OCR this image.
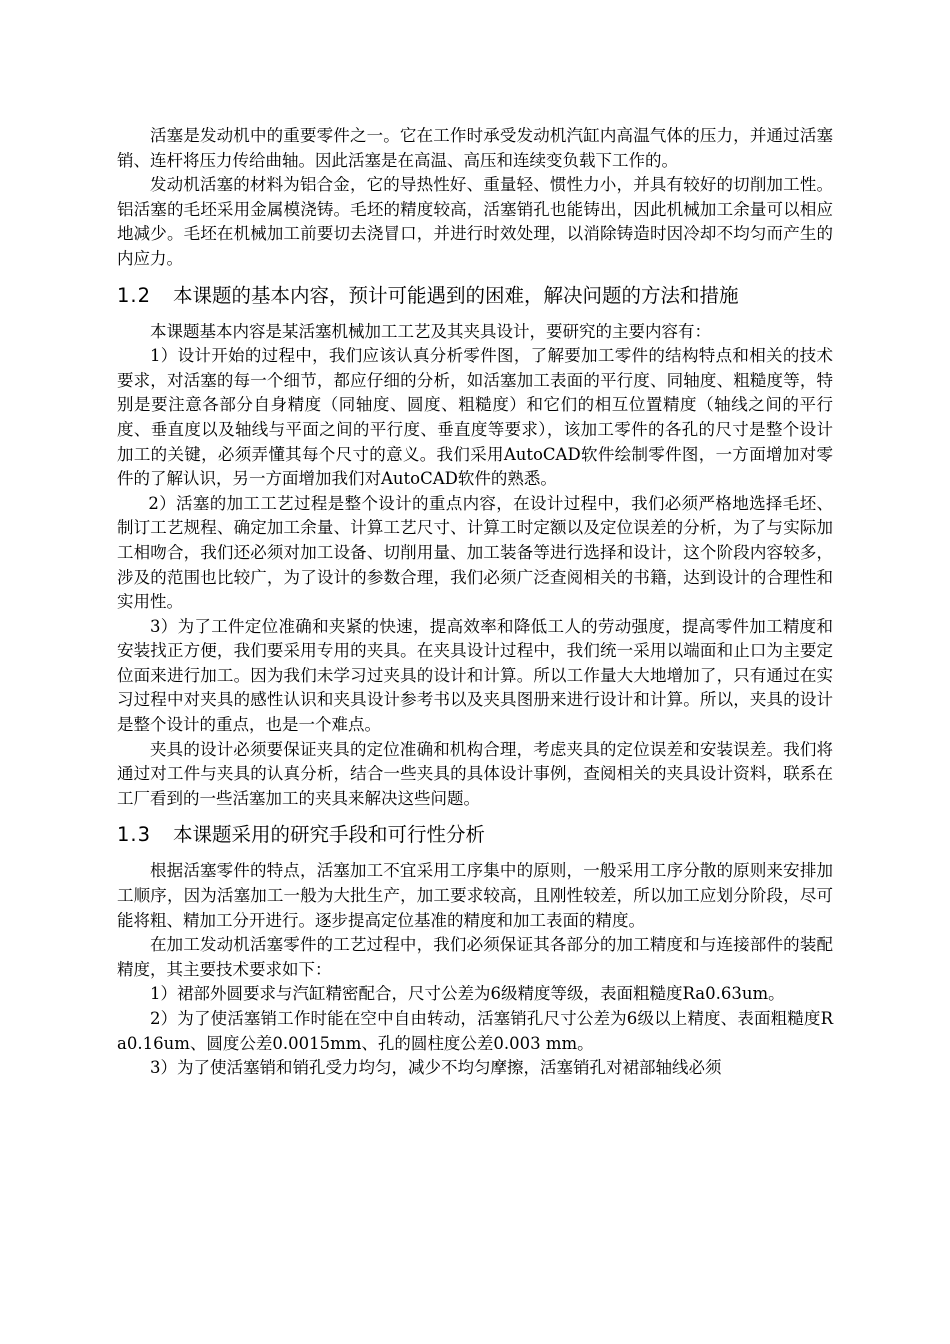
活塞是发动机中的重要零件之一。它在工作时承受发动机汽缸内高温气体的压力，并通过活塞销、连杆将压力传给曲轴。因此活塞是在高温、高压和连续变负载下工作的。

发动机活塞的材料为铝合金，它的导热性好、重量轻、惯性力小，并具有较好的切削加工性。铝活塞的毛坯采用金属模浇铸。毛坯的精度较高，活塞销孔也能铸出，因此机械加工余量可以相应地减少。毛坯在机械加工前要切去浇冒口，并进行时效处理，以消除铸造时因冷却不均匀而产生的内应力。

1.2 本课题的基本内容，预计可能遇到的困难，解决问题的方法和措施

本课题基本内容是某活塞机械加工工艺及其夹具设计，要研究的主要内容有：

1）设计开始的过程中，我们应该认真分析零件图，了解要加工零件的结构特点和相关的技术要求，对活塞的每一个细节，都应仔细的分析，如活塞加工表面的平行度、同轴度、粗糙度等，特别是要注意各部分自身精度（同轴度、圆度、粗糙度）和它们的相互位置精度（轴线之间的平行度、垂直度以及轴线与平面之间的平行度、垂直度等要求），该加工零件的各孔的尺寸是整个设计加工的关键，必须弄懂其每个尺寸的意义。我们采用AutoCAD软件绘制零件图，一方面增加对零件的了解认识，另一方面增加我们对AutoCAD软件的熟悉。

2）活塞的加工工艺过程是整个设计的重点内容，在设计过程中，我们必须严格地选择毛坯、制订工艺规程、确定加工余量、计算工艺尺寸、计算工时定额以及定位误差的分析，为了与实际加工相吻合，我们还必须对加工设备、切削用量、加工装备等进行选择和设计，这个阶段内容较多，涉及的范围也比较广，为了设计的参数合理，我们必须广泛查阅相关的书籍，达到设计的合理性和实用性。

3）为了工件定位准确和夹紧的快速，提高效率和降低工人的劳动强度，提高零件加工精度和安装找正方便，我们要采用专用的夹具。在夹具设计过程中，我们统一采用以端面和止口为主要定位面来进行加工。因为我们未学习过夹具的设计和计算。所以工作量大大地增加了，只有通过在实习过程中对夹具的感性认识和夹具设计参考书以及夹具图册来进行设计和计算。所以，夹具的设计是整个设计的重点，也是一个难点。

夹具的设计必须要保证夹具的定位准确和机构合理，考虑夹具的定位误差和安装误差。我们将通过对工件与夹具的认真分析，结合一些夹具的具体设计事例，查阅相关的夹具设计资料，联系在工厂看到的一些活塞加工的夹具来解决这些问题。

1.3 本课题采用的研究手段和可行性分析

根据活塞零件的特点，活塞加工不宜采用工序集中的原则，一般采用工序分散的原则来安排加工顺序，因为活塞加工一般为大批生产，加工要求较高，且刚性较差，所以加工应划分阶段，尽可能将粗、精加工分开进行。逐步提高定位基准的精度和加工表面的精度。

在加工发动机活塞零件的工艺过程中，我们必须保证其各部分的加工精度和与连接部件的装配精度，其主要技术要求如下：

1）裙部外圆要求与汽缸精密配合，尺寸公差为6级精度等级，表面粗糙度Ra0.63um。

2）为了使活塞销工作时能在空中自由转动，活塞销孔尺寸公差为6级以上精度、表面粗糙度Ra0.16um、圆度公差0.0015mm、孔的圆柱度公差0.003 mm。

3）为了使活塞销和销孔受力均匀，减少不均匀摩擦，活塞销孔对裙部轴线必须
